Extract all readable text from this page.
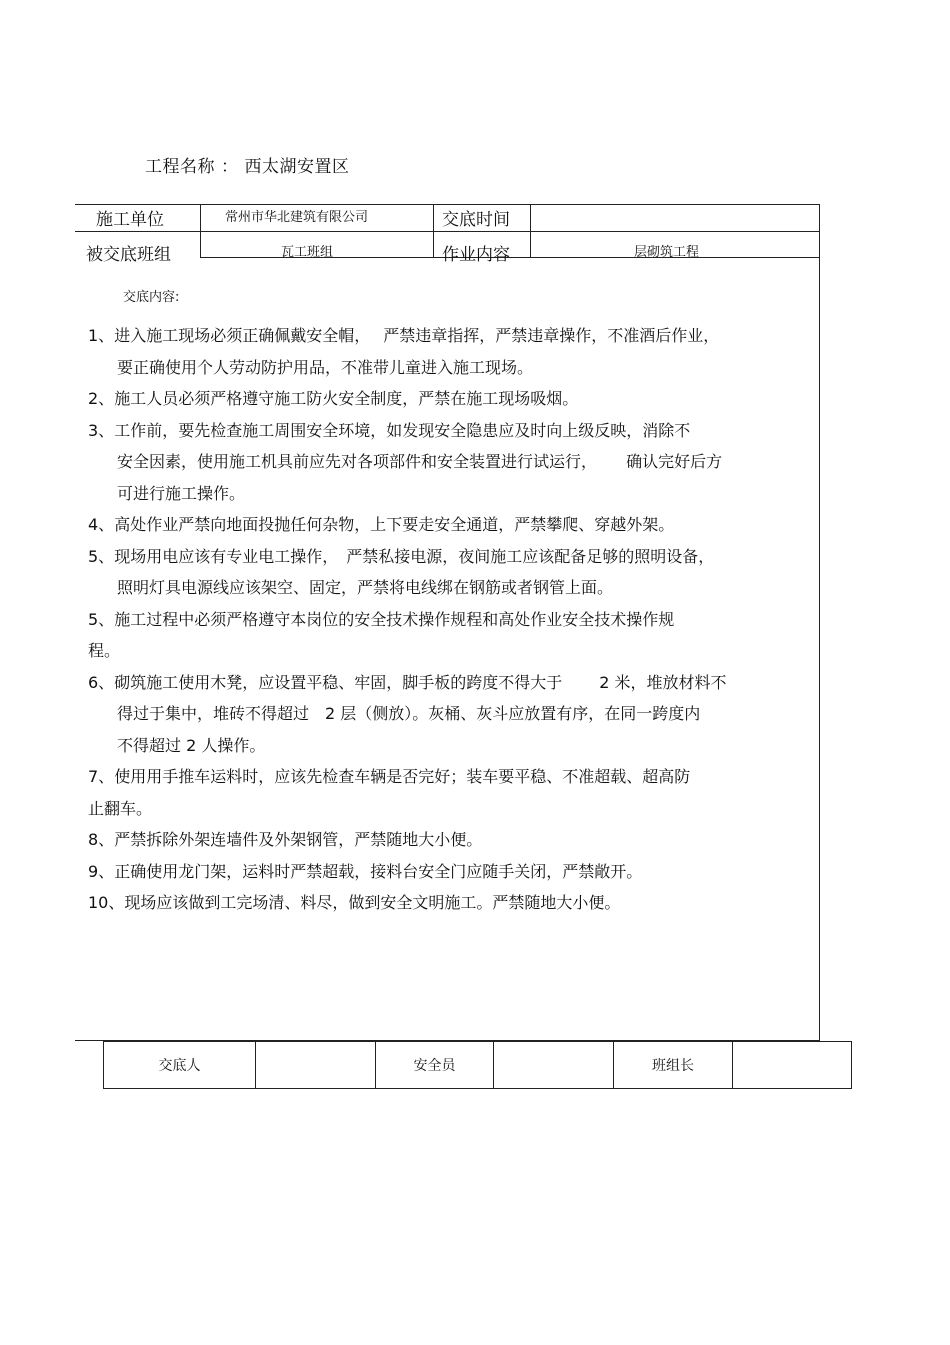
工程名称 ： 西太湖安置区
施工单位	常州市华北建筑有限公司	交底时间
被交底班组	瓦工班组	作业内容	层砌筑工程
交底内容:
1、进入施工现场必须正确佩戴安全帽，　 严禁违章指挥，严禁违章操作，不准酒后作业，
要正确使用个人劳动防护用品，不准带儿童进入施工现场。
2、施工人员必须严格遵守施工防火安全制度，严禁在施工现场吸烟。
3、工作前，要先检查施工周围安全环境，如发现安全隐患应及时向上级反映，消除不
安全因素，使用施工机具前应先对各项部件和安全装置进行试运行，　　 确认完好后方
可进行施工操作。
4、高处作业严禁向地面投抛任何杂物，上下要走安全通道，严禁攀爬、穿越外架。
5、现场用电应该有专业电工操作，　严禁私接电源，夜间施工应该配备足够的照明设备，
照明灯具电源线应该架空、固定，严禁将电线绑在钢筋或者钢管上面。
5、施工过程中必须严格遵守本岗位的安全技术操作规程和高处作业安全技术操作规
程。
6、砌筑施工使用木凳，应设置平稳、牢固，脚手板的跨度不得大于　　 2 米，堆放材料不
得过于集中，堆砖不得超过　2 层（侧放）。灰桶、灰斗应放置有序，在同一跨度内
不得超过 2 人操作。
7、使用用手推车运料时，应该先检查车辆是否完好；装车要平稳、不准超载、超高防
止翻车。
8、严禁拆除外架连墙件及外架钢管，严禁随地大小便。
9、正确使用龙门架，运料时严禁超载，接料台安全门应随手关闭，严禁敞开。
10、现场应该做到工完场清、料尽，做到安全文明施工。严禁随地大小便。
交底人	安全员	班组长
